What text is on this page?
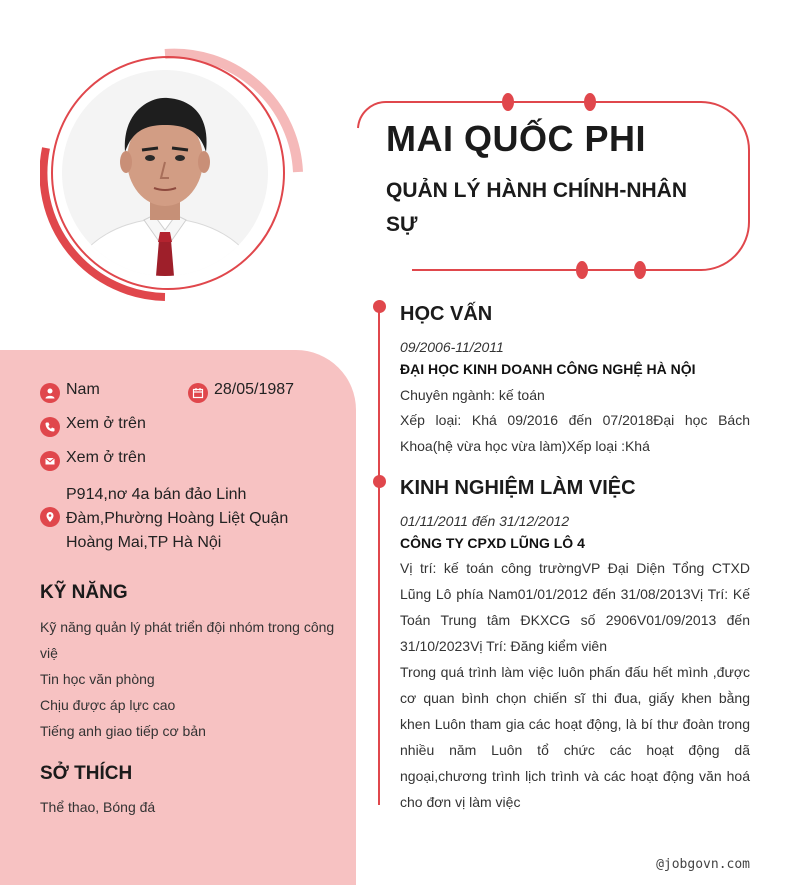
MAI QUỐC PHI
QUẢN LÝ HÀNH CHÍNH-NHÂN SỰ
HỌC VẤN
09/2006-11/2011
ĐẠI HỌC KINH DOANH CÔNG NGHỆ HÀ NỘI
Chuyên ngành: kế toán
Xếp loại: Khá 09/2016 đến 07/2018Đại học Bách Khoa(hệ vừa học vừa làm)Xếp loại :Khá
KINH NGHIỆM LÀM VIỆC
01/11/2011 đến 31/12/2012
CÔNG TY CPXD LŨNG LÔ 4
Vị trí: kế toán công trườngVP Đại Diện Tổng CTXD Lũng Lô phía Nam01/01/2012 đến 31/08/2013Vị Trí: Kế Toán Trung tâm ĐKXCG số 2906V01/09/2013 đến 31/10/2023Vị Trí: Đăng kiểm viên
Trong quá trình làm việc luôn phấn đấu hết mình ,được cơ quan bình chọn chiến sĩ thi đua, giấy khen bằng khen Luôn tham gia các hoạt động, là bí thư đoàn trong nhiều năm Luôn tổ chức các hoạt động dã ngoại,chương trình lịch trình và các hoạt động văn hoá cho đơn vị làm việc
Nam	28/05/1987
Xem ở trên
Xem ở trên
P914,nơ 4a bán đảo Linh Đàm,Phường Hoàng Liệt Quận Hoàng Mai,TP Hà Nội
KỸ NĂNG
Kỹ năng quản lý phát triển đội nhóm trong công việ
Tin học văn phòng
Chịu được áp lực cao
Tiếng anh giao tiếp cơ bản
SỞ THÍCH
Thể thao, Bóng đá
@jobgovn.com
